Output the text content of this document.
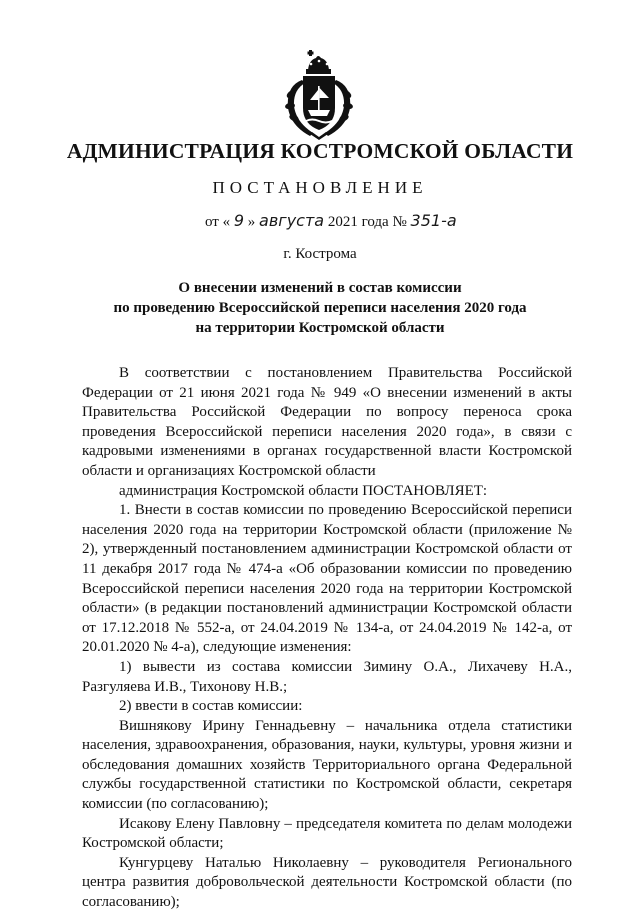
АДМИНИСТРАЦИЯ КОСТРОМСКОЙ ОБЛАСТИ
ПОСТАНОВЛЕНИЕ
от « 9 » августа 2021 года № 351-а
г. Кострома
О внесении изменений в состав комиссии
по проведению Всероссийской переписи населения 2020 года
на территории Костромской области

В соответствии с постановлением Правительства Российской Федерации от 21 июня 2021 года № 949 «О внесении изменений в акты Правительства Российской Федерации по вопросу переноса срока проведения Всероссийской переписи населения 2020 года», в связи с кадровыми изменениями в органах государственной власти Костромской области и организациях Костромской области

администрация Костромской области ПОСТАНОВЛЯЕТ:

1. Внести в состав комиссии по проведению Всероссийской переписи населения 2020 года на территории Костромской области (приложение № 2), утвержденный постановлением администрации Костромской области от 11 декабря 2017 года № 474-а «Об образовании комиссии по проведению Всероссийской переписи населения 2020 года на территории Костромской области» (в редакции постановлений администрации Костромской области от 17.12.2018 № 552-а, от 24.04.2019 № 134-а, от 24.04.2019 № 142-а, от 20.01.2020 № 4-а), следующие изменения:

1) вывести из состава комиссии Зимину О.А., Лихачеву Н.А., Разгуляева И.В., Тихонову Н.В.;

2) ввести в состав комиссии:

Вишнякову Ирину Геннадьевну – начальника отдела статистики населения, здравоохранения, образования, науки, культуры, уровня жизни и обследования домашних хозяйств Территориального органа Федеральной службы государственной статистики по Костромской области, секретаря комиссии (по согласованию);

Исакову Елену Павловну – председателя комитета по делам молодежи Костромской области;

Кунгурцеву Наталью Николаевну – руководителя Регионального центра развития добровольческой деятельности Костромской области (по согласованию);
